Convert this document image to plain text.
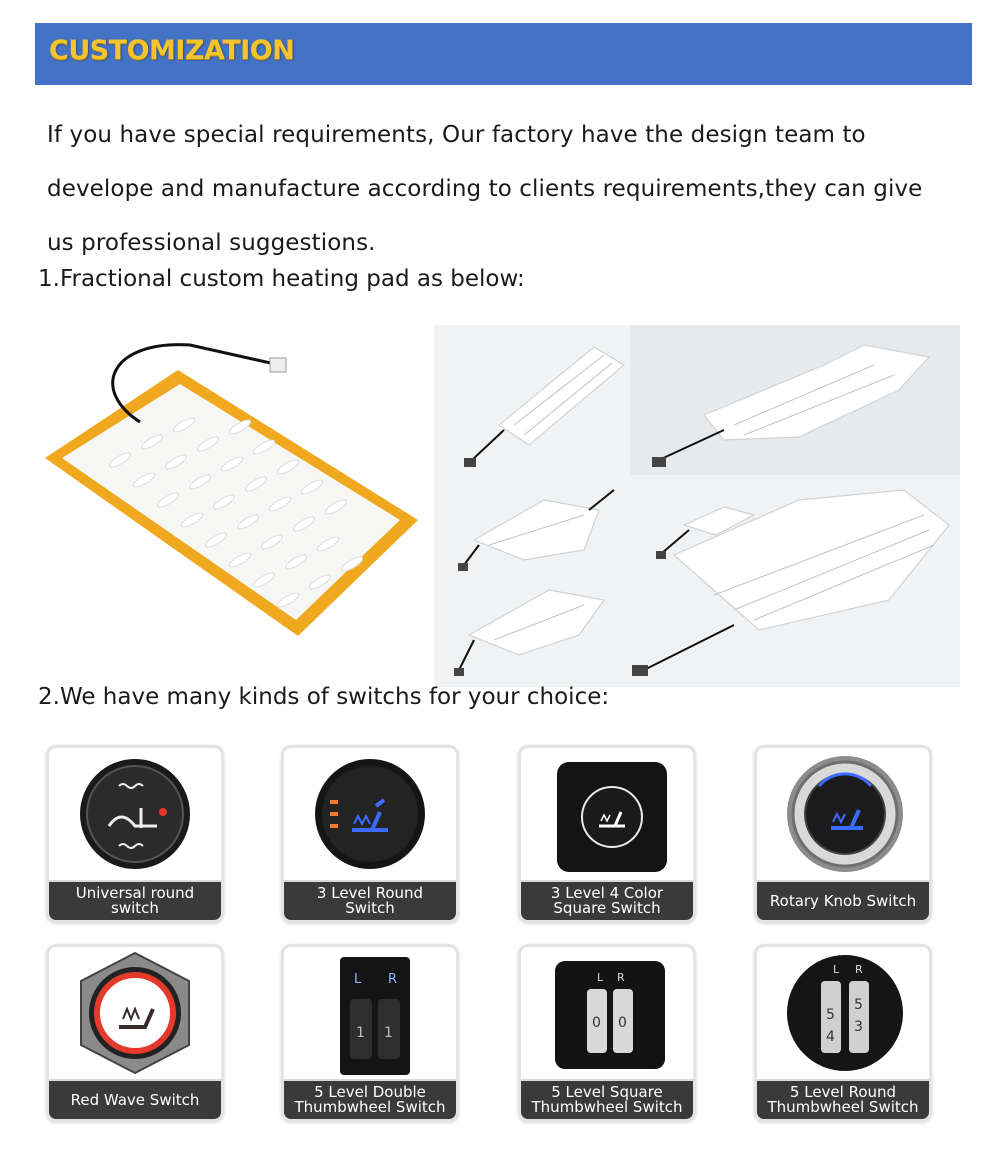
CUSTOMIZATION
If you have special requirements, Our factory have the design team to
develope and manufacture according to clients requirements,they can give
us professional suggestions.
1.Fractional custom heating pad as below:
2.We have many kinds of switchs for your choice:
Universal round switch
3 Level Round Switch
3 Level 4 Color Square Switch	Rotary Knob Switch
Red Wave Switch
L R
1 1
5 Level Double Thumbwheel Switch
L R
0 0
5 Level Square Thumbwheel Switch
L R
5
5
4
3
5 Level Round Thumbwheel Switch
